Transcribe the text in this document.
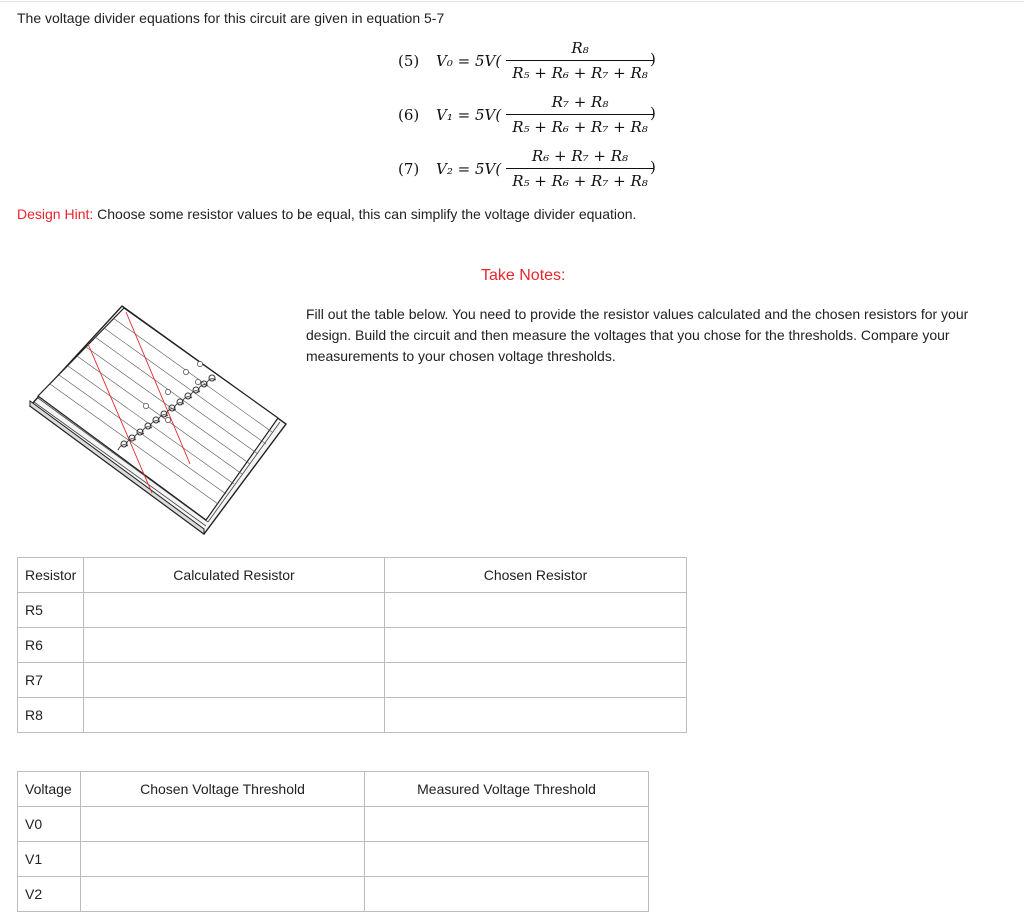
The voltage divider equations for this circuit are given in equation 5-7
(5) V₀ = 5V(
R₈
R₅ + R₆ + R₇ + R₈
)
(6) V₁ = 5V(
R₇ + R₈
R₅ + R₆ + R₇ + R₈
)
(7) V₂ = 5V(
R₆ + R₇ + R₈
R₅ + R₆ + R₇ + R₈
)
Design Hint: Choose some resistor values to be equal, this can simplify the voltage divider equation.
Take Notes:
Fill out the table below. You need to provide the resistor values calculated and the chosen resistors for your design. Build the circuit and then measure the voltages that you chose for the thresholds. Compare your measurements to your chosen voltage thresholds.
Resistor	Calculated Resistor	Chosen Resistor
R5		
R6		
R7		
R8		
Voltage	Chosen Voltage Threshold	Measured Voltage Threshold
V0		
V1		
V2		
